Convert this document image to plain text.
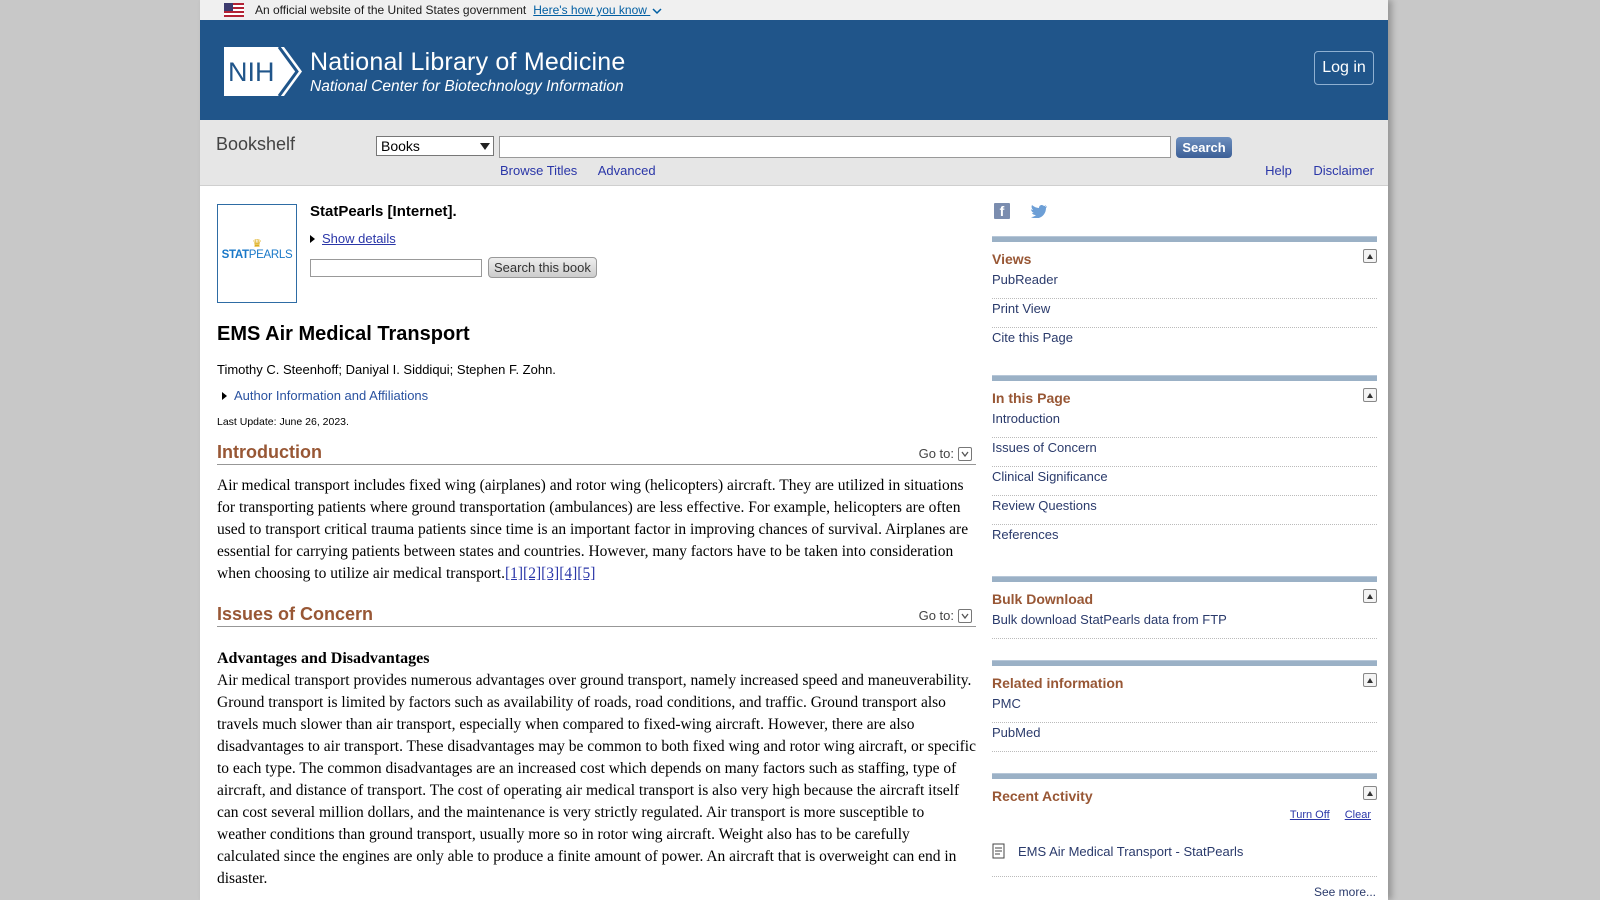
An official website of the United States government Here's how you know
NIH National Library of Medicine
National Center for Biotechnology Information
Log in
Bookshelf	Books	Search
Browse Titles Advanced	Help Disclaimer
♛
STATPEARLS

StatPearls [Internet].
Show details
Search this book
EMS Air Medical Transport
Timothy C. Steenhoff; Daniyal I. Siddiqui; Stephen F. Zohn.
Author Information and Affiliations
Last Update: June 26, 2023.
Introduction	Go to:
Air medical transport includes fixed wing (airplanes) and rotor wing (helicopters) aircraft. They are utilized in situations for transporting patients where ground transportation (ambulances) are less effective. For example, helicopters are often used to transport critical trauma patients since time is an important factor in improving chances of survival. Airplanes are essential for carrying patients between states and countries. However, many factors have to be taken into consideration when choosing to utilize air medical transport.[1][2][3][4][5]
Issues of Concern	Go to:
Advantages and Disadvantages
Air medical transport provides numerous advantages over ground transport, namely increased speed and maneuverability. Ground transport is limited by factors such as availability of roads, road conditions, and traffic. Ground transport also travels much slower than air transport, especially when compared to fixed-wing aircraft. However, there are also disadvantages to air transport. These disadvantages may be common to both fixed wing and rotor wing aircraft, or specific to each type. The common disadvantages are an increased cost which depends on many factors such as staffing, type of aircraft, and distance of transport. The cost of operating air medical transport is also very high because the aircraft itself can cost several million dollars, and the maintenance is very strictly regulated. Air transport is more susceptible to weather conditions than ground transport, usually more so in rotor wing aircraft. Weight also has to be carefully calculated since the engines are only able to produce a finite amount of power. An aircraft that is overweight can end in disaster.
f
Views
PubReader
Print View
Cite this Page
In this Page
Introduction
Issues of Concern
Clinical Significance
Review Questions
References
Bulk Download
Bulk download StatPearls data from FTP
Related information
PMC
PubMed
Recent Activity
Turn Off Clear
EMS Air Medical Transport - StatPearls
See more...
